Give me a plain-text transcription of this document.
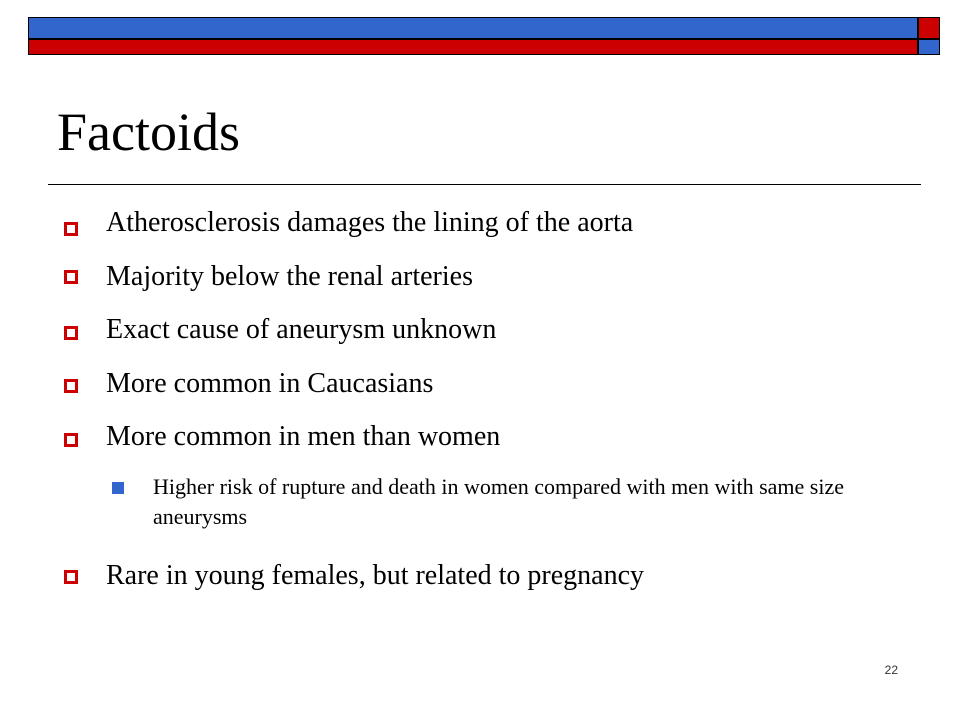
Factoids
Atherosclerosis damages the lining of the aorta
Majority below the renal arteries
Exact cause of aneurysm unknown
More common in Caucasians
More common in men than women
Higher risk of rupture and death in women compared with men with same size aneurysms
Rare in young females, but related to pregnancy
22
